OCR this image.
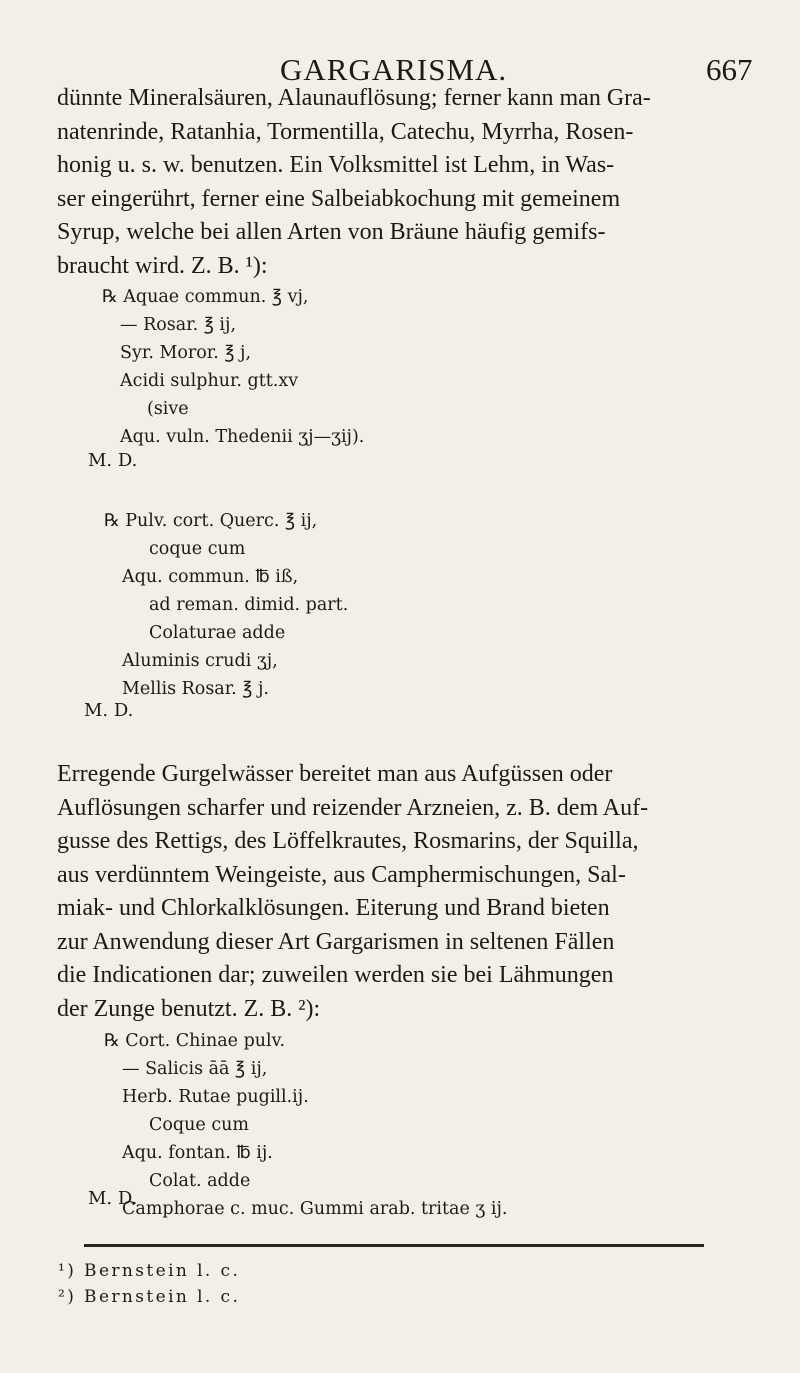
GARGARISMA.	667
dünnte Mineralsäuren, Alaunauflösung; ferner kann man Gra-
natenrinde, Ratanhia, Tormentilla, Catechu, Myrrha, Rosen-
honig u. s. w. benutzen. Ein Volksmittel ist Lehm, in Was-
ser eingerührt, ferner eine Salbeiabkochung mit gemeinem
Syrup, welche bei allen Arten von Bräune häufig gemifs-
braucht wird. Z. B. ¹):
℞ Aquae commun. ℥ vj,
— Rosar. ℥ ij,
Syr. Moror. ℥ j,
Acidi sulphur. gtt.xv
(sive
Aqu. vuln. Thedenii ʒj—ʒij).
M. D.
℞ Pulv. cort. Querc. ℥ ij,
coque cum
Aqu. commun. ℔ iß,
ad reman. dimid. part.
Colaturae adde
Aluminis crudi ʒj,
Mellis Rosar. ℥ j.
M. D.
Erregende Gurgelwässer bereitet man aus Aufgüssen oder
Auflösungen scharfer und reizender Arzneien, z. B. dem Auf-
gusse des Rettigs, des Löffelkrautes, Rosmarins, der Squilla,
aus verdünntem Weingeiste, aus Camphermischungen, Sal-
miak- und Chlorkalklösungen. Eiterung und Brand bieten
zur Anwendung dieser Art Gargarismen in seltenen Fällen
die Indicationen dar; zuweilen werden sie bei Lähmungen
der Zunge benutzt. Z. B. ²):
℞ Cort. Chinae pulv.
— Salicis āā ℥ ij,
Herb. Rutae pugill.ij.
Coque cum
Aqu. fontan. ℔ ij.
Colat. adde
Camphorae c. muc. Gummi arab. tritae ʒ ij.
M. D.
¹) Bernstein l. c.
²) Bernstein l. c.
